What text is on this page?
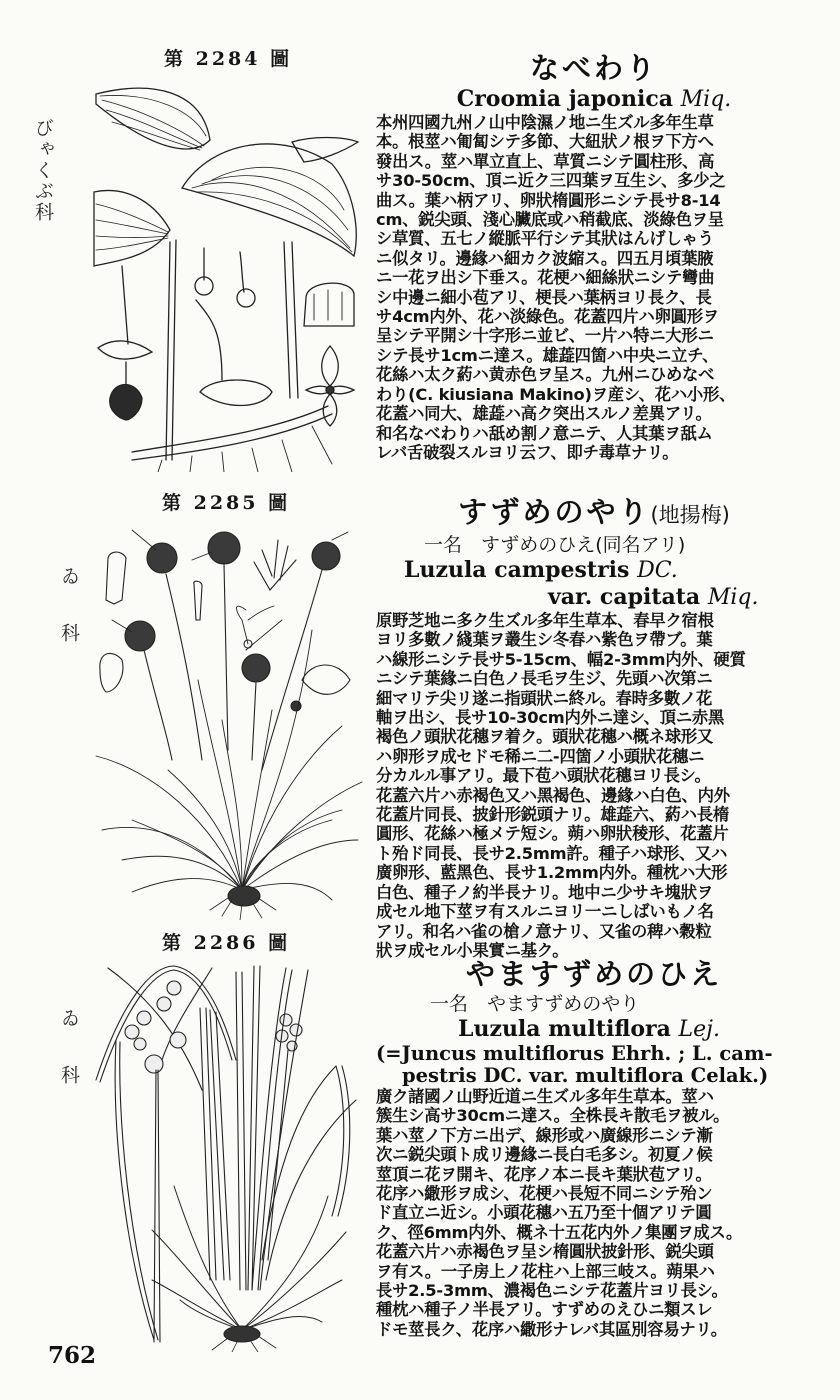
第 2284 圖
びゃくぶ科
なべわり
Croomia japonica Miq.
本州四國九州ノ山中陰濕ノ地ニ生ズル多年生草
本。根莖ハ匍匐シテ多節、大紐狀ノ根ヲ下方へ
發出ス。莖ハ單立直上、草質ニシテ圓柱形、高
サ30-50cm、頂ニ近ク三四葉ヲ互生シ、多少之
曲ス。葉ハ柄アリ、卵狀楕圓形ニシテ長サ8-14
cm、鋭尖頭、淺心臟底或ハ稍截底、淡綠色ヲ呈
シ草質、五七ノ縱脈平行シテ其狀はんげしゃう
ニ似タリ。邊緣ハ細カク波縮ス。四五月頃葉腋
ニ一花ヲ出シ下垂ス。花梗ハ細絲狀ニシテ彎曲
シ中邊ニ細小苞アリ、梗長ハ葉柄ヨリ長ク、長
サ4cm内外、花ハ淡綠色。花蓋四片ハ卵圓形ヲ
呈シテ平開シ十字形ニ並ビ、一片ハ特ニ大形ニ
シテ長サ1cmニ達ス。雄蕋四箇ハ中央ニ立チ、
花絲ハ太ク葯ハ黄赤色ヲ呈ス。九州ニひめなべ
わり(C. kiusiana Makino)ヲ産シ、花ハ小形、
花蓋ハ同大、雄蕋ハ高ク突出スルノ差異アリ。
和名なべわりハ舐め割ノ意ニテ、人其葉ヲ舐ム
レバ舌破裂スルヨリ云フ、即チ毒草ナリ。
第 2285 圖
ゐ科
すずめのやり(地揚梅)
一名　すずめのひえ(同名アリ)
Luzula campestris DC.
var. capitata Miq.
原野芝地ニ多ク生ズル多年生草本、春早ク宿根
ヨリ多數ノ綫葉ヲ叢生シ冬春ハ紫色ヲ帶ブ。葉
ハ線形ニシテ長サ5-15cm、幅2-3mm内外、硬質
ニシテ葉緣ニ白色ノ長毛ヲ生ジ、先頭ハ次第ニ
細マリテ尖リ遂ニ指頭狀ニ終ル。春時多數ノ花
軸ヲ出シ、長サ10-30cm内外ニ達シ、頂ニ赤黑
褐色ノ頭狀花穗ヲ着ク。頭狀花穗ハ概ネ球形又
ハ卵形ヲ成セドモ稀ニ二-四箇ノ小頭狀花穗ニ
分カルル事アリ。最下苞ハ頭狀花穗ヨリ長シ。
花蓋六片ハ赤褐色又ハ黑褐色、邊緣ハ白色、内外
花蓋片同長、披針形鋭頭ナリ。雄蕋六、葯ハ長楕
圓形、花絲ハ極メテ短シ。蒴ハ卵狀稜形、花蓋片
ト殆ド同長、長サ2.5mm許。種子ハ球形、又ハ
廣卵形、藍黑色、長サ1.2mm内外。種枕ハ大形
白色、種子ノ約半長ナリ。地中ニ少サキ塊狀ヲ
成セル地下莖ヲ有スルニヨリ一ニしばいもノ名
アリ。和名ハ雀の槍ノ意ナリ、又雀の稗ハ穀粒
狀ヲ成セル小果實ニ基ク。
第 2286 圖
ゐ科
やますずめのひえ
一名　やますずめのやり
Luzula multiflora Lej.
(=Juncus multiflorus Ehrh. ; L. cam-
pestris DC. var. multiflora Celak.)
廣ク諸國ノ山野近道ニ生ズル多年生草本。莖ハ
簇生シ高サ30cmニ達ス。全株長キ散毛ヲ被ル。
葉ハ莖ノ下方ニ出デ、線形或ハ廣線形ニシテ漸
次ニ鋭尖頭ト成リ邊緣ニ長白毛多シ。初夏ノ候
莖頂ニ花ヲ開キ、花序ノ本ニ長キ葉狀苞アリ。
花序ハ繖形ヲ成シ、花梗ハ長短不同ニシテ殆ン
ド直立ニ近シ。小頭花穗ハ五乃至十個アリテ圓
ク、徑6mm内外、概ネ十五花内外ノ集團ヲ成ス。
花蓋六片ハ赤褐色ヲ呈シ楕圓狀披針形、鋭尖頭
ヲ有ス。一子房上ノ花柱ハ上部三岐ス。蒴果ハ
長サ2.5-3mm、濃褐色ニシテ花蓋片ヨリ長シ。
種枕ハ種子ノ半長アリ。すずめのえひニ類スレ
ドモ莖長ク、花序ハ繖形ナレバ其區別容易ナリ。
762
